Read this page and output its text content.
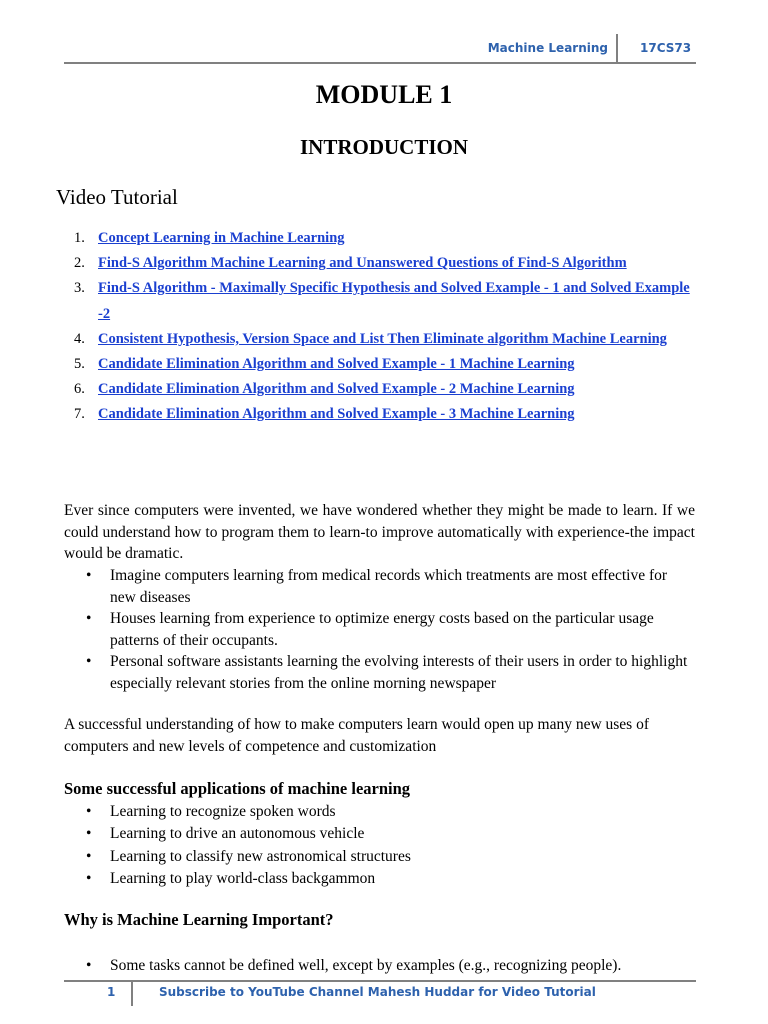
Machine Learning	17CS73
MODULE 1
INTRODUCTION
Video Tutorial
1. Concept Learning in Machine Learning
2. Find-S Algorithm Machine Learning and Unanswered Questions of Find-S Algorithm
3. Find-S Algorithm - Maximally Specific Hypothesis and Solved Example - 1 and Solved Example -2
4. Consistent Hypothesis, Version Space and List Then Eliminate algorithm Machine Learning
5. Candidate Elimination Algorithm and Solved Example - 1 Machine Learning
6. Candidate Elimination Algorithm and Solved Example - 2 Machine Learning
7. Candidate Elimination Algorithm and Solved Example - 3 Machine Learning

Ever since computers were invented, we have wondered whether they might be made to learn. If we could understand how to program them to learn-to improve automatically with experience-the impact would be dramatic.

• Imagine computers learning from medical records which treatments are most effective for new diseases
• Houses learning from experience to optimize energy costs based on the particular usage patterns of their occupants.
• Personal software assistants learning the evolving interests of their users in order to highlight especially relevant stories from the online morning newspaper

A successful understanding of how to make computers learn would open up many new uses of computers and new levels of competence and customization

Some successful applications of machine learning
• Learning to recognize spoken words
• Learning to drive an autonomous vehicle
• Learning to classify new astronomical structures
• Learning to play world-class backgammon
Why is Machine Learning Important?
• Some tasks cannot be defined well, except by examples (e.g., recognizing people).
1	Subscribe to YouTube Channel Mahesh Huddar for Video Tutorial
